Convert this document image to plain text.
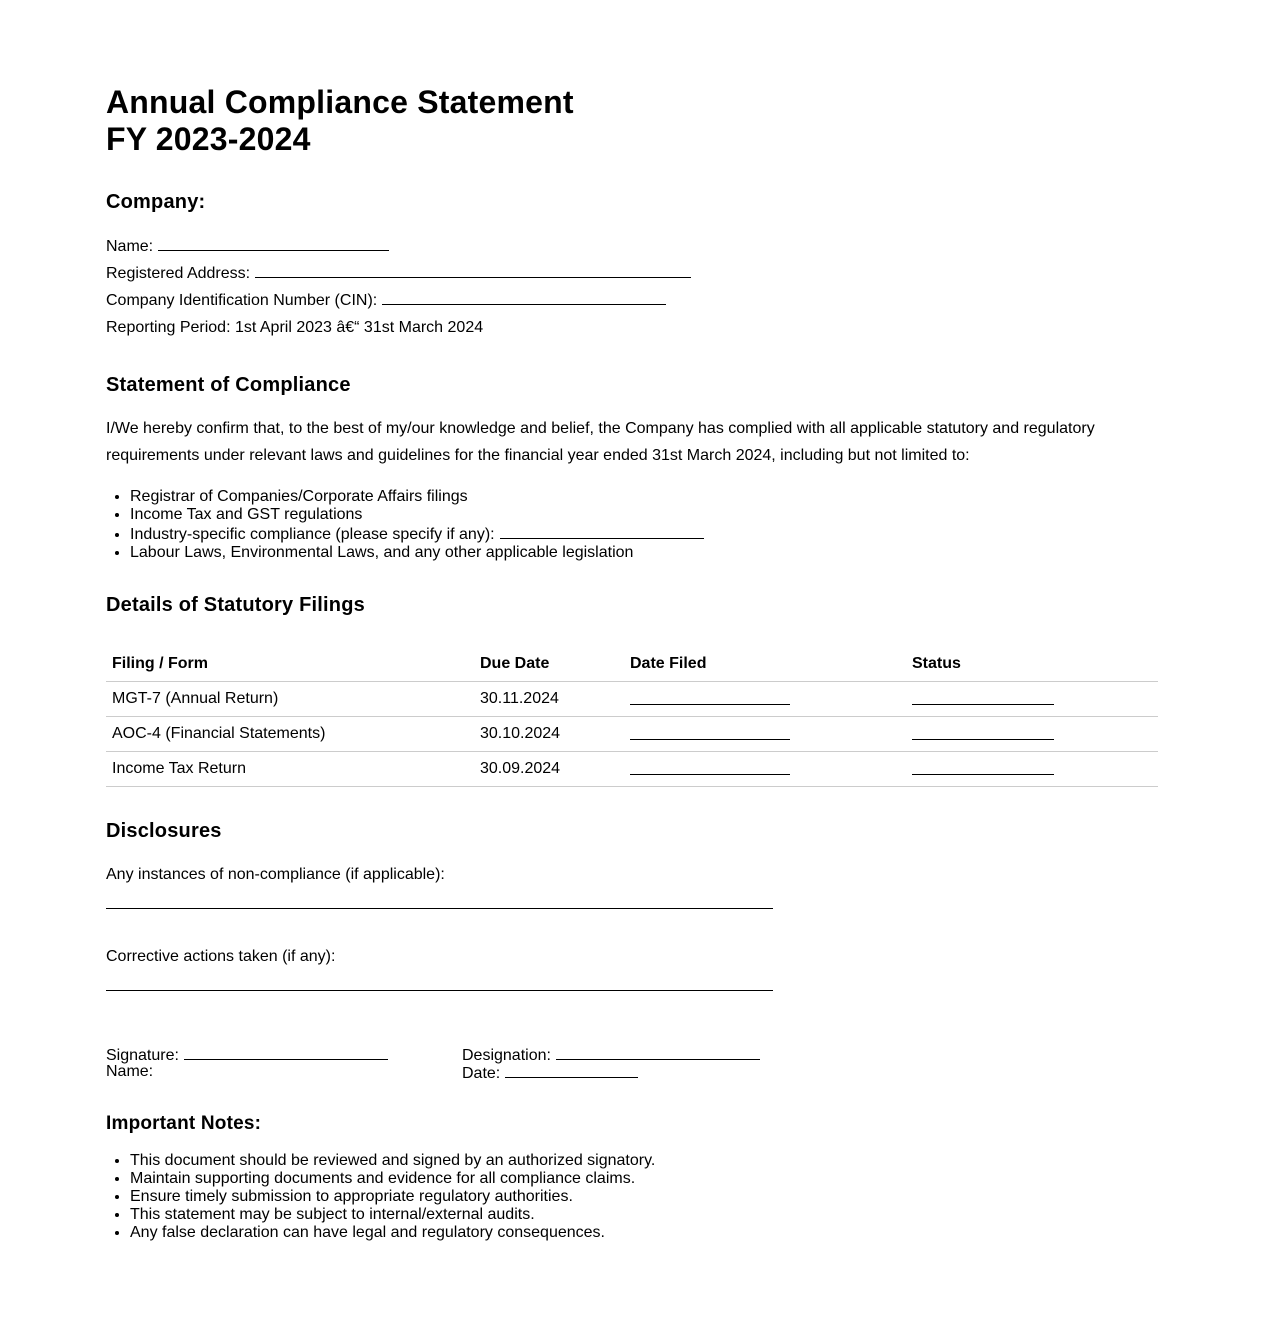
Annual Compliance Statement
FY 2023-2024
Company:
Name:
Registered Address:
Company Identification Number (CIN):
Reporting Period: 1st April 2023 â€“ 31st March 2024
Statement of Compliance
I/We hereby confirm that, to the best of my/our knowledge and belief, the Company has complied with all applicable statutory and regulatory requirements under relevant laws and guidelines for the financial year ended 31st March 2024, including but not limited to:
• Registrar of Companies/Corporate Affairs filings
• Income Tax and GST regulations
• Industry-specific compliance (please specify if any):
• Labour Laws, Environmental Laws, and any other applicable legislation
Details of Statutory Filings
Filing / Form	Due Date	Date Filed	Status
MGT-7 (Annual Return)	30.11.2024		
AOC-4 (Financial Statements)	30.10.2024		
Income Tax Return	30.09.2024		
Disclosures
Any instances of non-compliance (if applicable):
Corrective actions taken (if any):
Signature:
Name:
Designation:
Date:
Important Notes:
• This document should be reviewed and signed by an authorized signatory.
• Maintain supporting documents and evidence for all compliance claims.
• Ensure timely submission to appropriate regulatory authorities.
• This statement may be subject to internal/external audits.
• Any false declaration can have legal and regulatory consequences.
